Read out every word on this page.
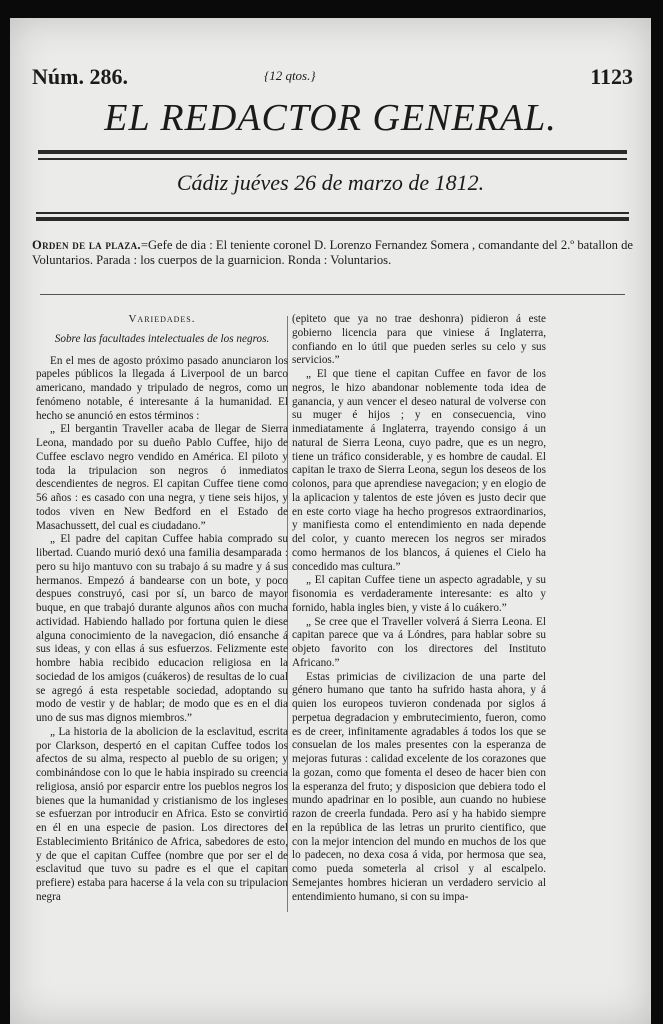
Núm. 286.	{12 qtos.}	1123
EL REDACTOR GENERAL.
Cádiz juéves 26 de marzo de 1812.
Orden de la plaza.=Gefe de dia : El teniente coronel D. Lorenzo Fernandez Somera , comandante del 2.º batallon de Voluntarios. Parada : los cuerpos de la guarnicion. Ronda : Voluntarios.
Variedades.
Sobre las facultades intelectuales de los negros.

En el mes de agosto próximo pasado anunciaron los papeles públicos la llegada á Liverpool de un barco americano, mandado y tripulado de negros, como un fenómeno notable, é interesante á la humanidad. El hecho se anunció en estos términos :

„ El bergantin Traveller acaba de llegar de Sierra Leona, mandado por su dueño Pablo Cuffee, hijo de Cuffee esclavo negro vendido en América. El piloto y toda la tripulacion son negros ó inmediatos descendientes de negros. El capitan Cuffee tiene como 56 años : es casado con una negra, y tiene seis hijos, y todos viven en New Bedford en el Estado de Masachussett, del cual es ciudadano.”

„ El padre del capitan Cuffee habia comprado su libertad. Cuando murió dexó una familia desamparada : pero su hijo mantuvo con su trabajo á su madre y á sus hermanos. Empezó á bandearse con un bote, y poco despues construyó, casi por sí, un barco de mayor buque, en que trabajó durante algunos años con mucha actividad. Habiendo hallado por fortuna quien le diese alguna conocimiento de la navegacion, dió ensanche á sus ideas, y con ellas á sus esfuerzos. Felizmente este hombre habia recibido educacion religiosa en la sociedad de los amigos (cuákeros) de resultas de lo cual se agregó á esta respetable sociedad, adoptando su modo de vestir y de hablar; de modo que es en el dia uno de sus mas dignos miembros.”

„ La historia de la abolicion de la esclavitud, escrita por Clarkson, despertó en el capitan Cuffee todos los afectos de su alma, respecto al pueblo de su origen; y combinándose con lo que le habia inspirado su creencia religiosa, ansió por esparcir entre los pueblos negros los bienes que la humanidad y cristianismo de los ingleses se esfuerzan por introducir en Africa. Esto se convirtió en él en una especie de pasion. Los directores del Establecimiento Británico de Africa, sabedores de esto, y de que el capitan Cuffee (nombre que por ser el de esclavitud que tuvo su padre es el que el capitan prefiere) estaba para hacerse á la vela con su tripulacion negra

(epiteto que ya no trae deshonra) pidieron á este gobierno licencia para que viniese á Inglaterra, confiando en lo útil que pueden serles su celo y sus servicios.”

„ El que tiene el capitan Cuffee en favor de los negros, le hizo abandonar noblemente toda idea de ganancia, y aun vencer el deseo natural de volverse con su muger é hijos ; y en consecuencia, vino inmediatamente á Inglaterra, trayendo consigo á un natural de Sierra Leona, cuyo padre, que es un negro, tiene un tráfico considerable, y es hombre de caudal. El capitan le traxo de Sierra Leona, segun los deseos de los colonos, para que aprendiese navegacion; y en elogio de la aplicacion y talentos de este jóven es justo decir que en este corto viage ha hecho progresos extraordinarios, y manifiesta como el entendimiento en nada depende del color, y cuanto merecen los negros ser mirados como hermanos de los blancos, á quienes el Cielo ha concedido mas cultura.”

„ El capitan Cuffee tiene un aspecto agradable, y su fisonomia es verdaderamente interesante: es alto y fornido, habla ingles bien, y viste á lo cuákero.”

„ Se cree que el Traveller volverá á Sierra Leona. El capitan parece que va á Lóndres, para hablar sobre su objeto favorito con los directores del Instituto Africano.”

Estas primicias de civilizacion de una parte del género humano que tanto ha sufrido hasta ahora, y á quien los europeos tuvieron condenada por siglos á perpetua degradacion y embrutecimiento, fueron, como es de creer, infinitamente agradables á todos los que se consuelan de los males presentes con la esperanza de mejoras futuras : calidad excelente de los corazones que la gozan, como que fomenta el deseo de hacer bien con la esperanza del fruto; y disposicion que debiera todo el mundo apadrinar en lo posible, aun cuando no hubiese razon de creerla fundada. Pero así y ha habido siempre en la república de las letras un prurito cientifico, que con la mejor intencion del mundo en muchos de los que lo padecen, no dexa cosa á vida, por hermosa que sea, como pueda someterla al crisol y al escalpelo. Semejantes hombres hicieran un verdadero servicio al entendimiento humano, si con su impa-
